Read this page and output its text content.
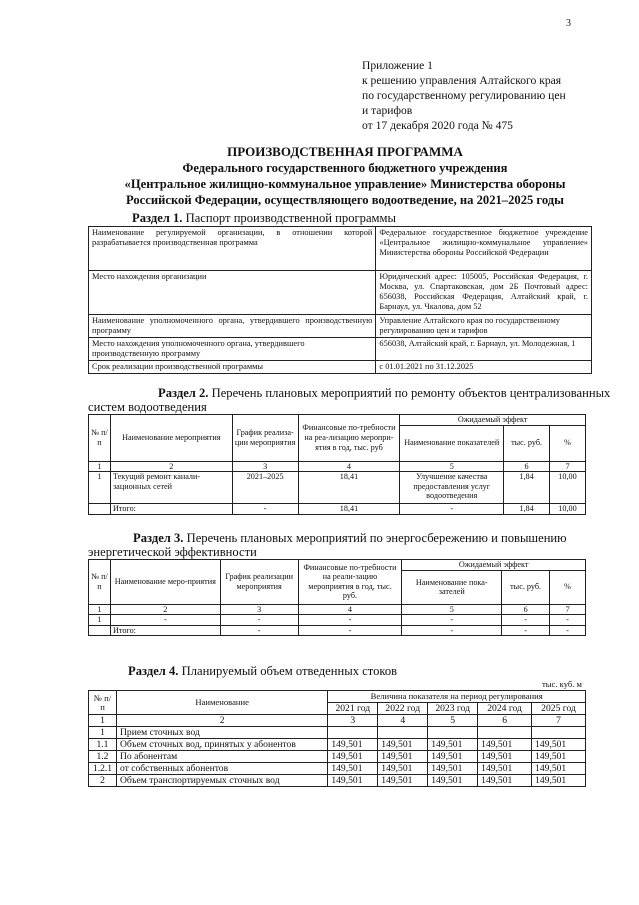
3
Приложение 1
к решению управления Алтайского края
по государственному регулированию цен
и тарифов
от 17 декабря 2020 года № 475
ПРОИЗВОДСТВЕННАЯ ПРОГРАММА
Федерального государственного бюджетного учреждения
«Центральное жилищно-коммунальное управление» Министерства обороны
Российской Федерации, осуществляющего водоотведение, на 2021–2025 годы
Раздел 1. Паспорт производственной программы
Наименование регулируемой организации, в отношении которой разрабатывается производственная программа	Федеральное государственное бюджетное учреждение «Центральное жилищно-коммунальное управление» Министерства обороны Российской Федерации
Место нахождения организации	Юридический адрес: 105005, Российская Федерация, г. Москва, ул. Спартаковская, дом 2Б Почтовый адрес: 656038, Российская Федерация, Алтайский край, г. Барнаул, ул. Чкалова, дом 52
Наименование уполномоченного органа, утвердившего производственную программу	Управление Алтайского края по государственному регулированию цен и тарифов
Место нахождения уполномоченного органа, утвердившего производственную программу	656038, Алтайский край, г. Барнаул, ул. Молодежная, 1
Срок реализации производственной программы	с 01.01.2021 по 31.12.2025
Раздел 2. Перечень плановых мероприятий по ремонту объектов централизованных
систем водоотведения
№ п/п	Наименование мероприятия	График реализа-ции мероприятия	Финансовые по-требности на реа-лизацию меропри-ятия в год, тыс. руб	Ожидаемый эффект		
				Наименование показателей	тыс. руб.	%
1	2	3	4	5	6	7
1	Текущий ремонт канали-зационных сетей	2021–2025	18,41	Улучшение качества предоставления услуг водоотведения	1,84	10,00
	Итого:	-	18,41	-	1,84	10,00
Раздел 3. Перечень плановых мероприятий по энергосбережению и повышению
энергетической эффективности
№ п/п	Наименование меро-приятия	График реализации мероприятия	Финансовые по-требности на реали-зацию мероприятия в год, тыс. руб.	Ожидаемый эффект		
				Наименование пока-зателей	тыс. руб.	%
1	2	3	4	5	6	7
1	-	-	-	-	-	-
	Итого:	-	-	-	-	-
Раздел 4. Планируемый объем отведенных стоков
тыс. куб. м
№ п/п	Наименование	Величина показателя на период регулирования				
		2021 год	2022 год	2023 год	2024 год	2025 год
1	2	3	4	5	6	7
1	Прием сточных вод					
1.1	Объем сточных вод, принятых у абонентов	149,501	149,501	149,501	149,501	149,501
1.2	По абонентам	149,501	149,501	149,501	149,501	149,501
1.2.1	от собственных абонентов	149,501	149,501	149,501	149,501	149,501
2	Объем транспортируемых сточных вод	149,501	149,501	149,501	149,501	149,501
